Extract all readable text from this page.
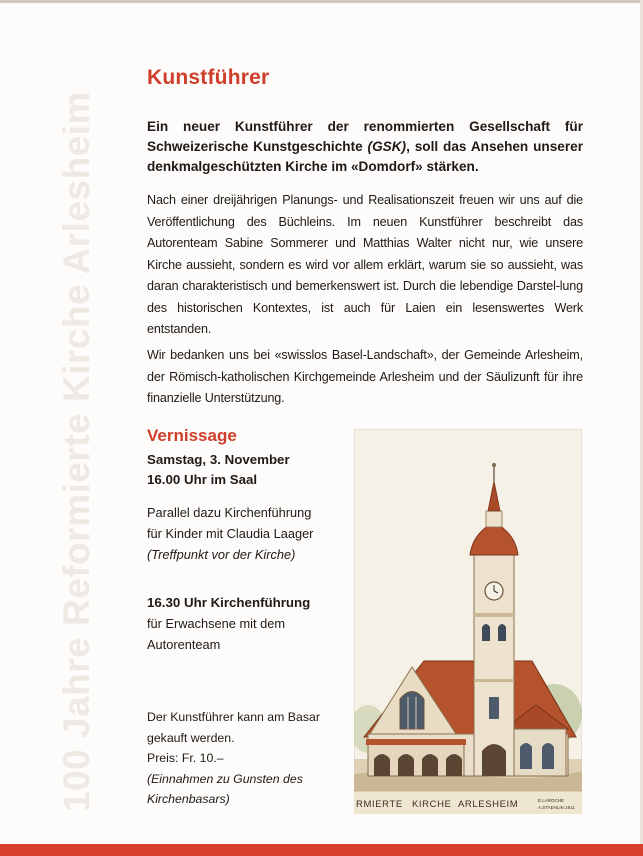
100 Jahre Reformierte Kirche Arlesheim
Kunstführer

Ein neuer Kunstführer der renommierten Gesellschaft für Schweizerische Kunstgeschichte (GSK), soll das Ansehen unserer denkmalgeschützten Kirche im «Domdorf» stärken.

Nach einer dreijährigen Planungs- und Realisationszeit freuen wir uns auf die Veröffentlichung des Büchleins. Im neuen Kunstführer beschreibt das Autorenteam Sabine Sommerer und Matthias Walter nicht nur, wie unsere Kirche aussieht, sondern es wird vor allem erklärt, warum sie so aussieht, was daran charakteristisch und bemerkenswert ist. Durch die lebendige Darstel-lung des historischen Kontextes, ist auch für Laien ein lesenswertes Werk entstanden.

Wir bedanken uns bei «swisslos Basel-Landschaft», der Gemeinde Arlesheim, der Römisch-katholischen Kirchgemeinde Arlesheim und der Säulizunft für ihre finanzielle Unterstützung.

Vernissage

Samstag, 3. November

16.00 Uhr im Saal

Parallel dazu Kirchenführung
für Kinder mit Claudia Laager
(Treffpunkt vor der Kirche)
16.30 Uhr Kirchenführung
für Erwachsene mit dem
Autorenteam
Der Kunstführer kann am Basar
gekauft werden.
Preis: Fr. 10.–
(Einnahmen zu Gunsten des
Kirchenbasars)	RMIERTE KIRCHE ARLESHEIM	E.LAROCHE
A.STAEHLIN 1911
